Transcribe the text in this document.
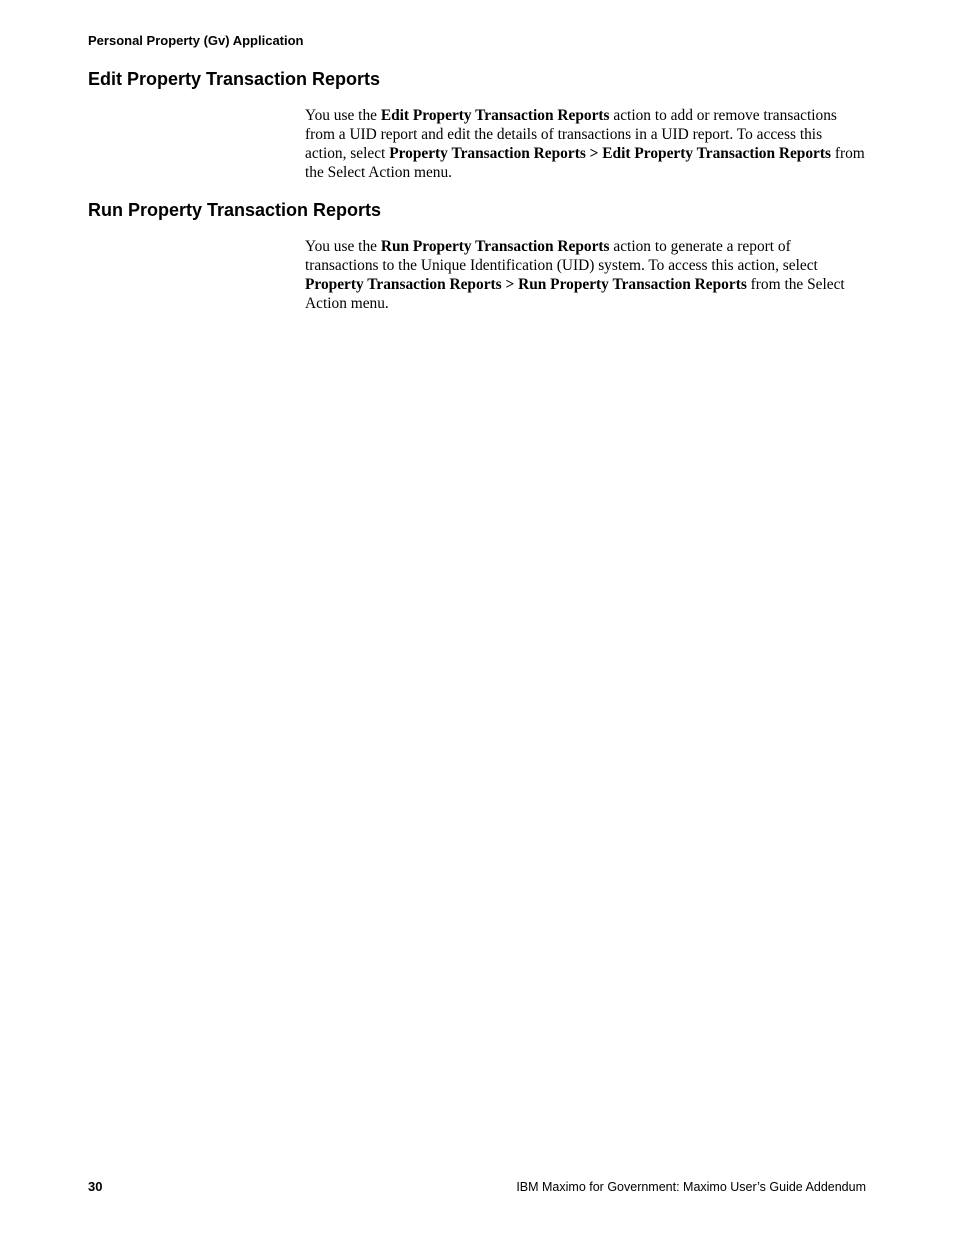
Personal Property (Gv) Application
Edit Property Transaction Reports
You use the Edit Property Transaction Reports action to add or remove transactions from a UID report and edit the details of transactions in a UID report. To access this action, select Property Transaction Reports > Edit Property Transaction Reports from the Select Action menu.
Run Property Transaction Reports
You use the Run Property Transaction Reports action to generate a report of transactions to the Unique Identification (UID) system. To access this action, select Property Transaction Reports > Run Property Transaction Reports from the Select Action menu.
30	IBM Maximo for Government: Maximo User’s Guide Addendum
